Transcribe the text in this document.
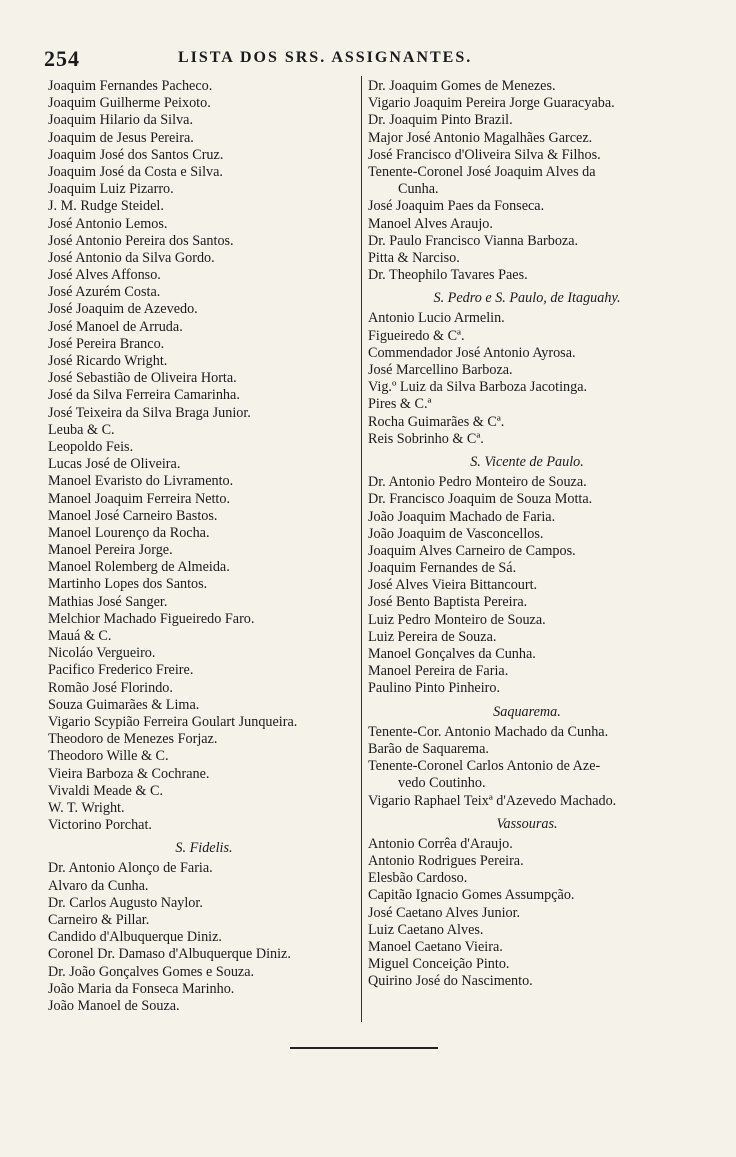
254	LISTA DOS SRS. ASSIGNANTES.
Joaquim Fernandes Pacheco.
Joaquim Guilherme Peixoto.
Joaquim Hilario da Silva.
Joaquim de Jesus Pereira.
Joaquim José dos Santos Cruz.
Joaquim José da Costa e Silva.
Joaquim Luiz Pizarro.
J. M. Rudge Steidel.
José Antonio Lemos.
José Antonio Pereira dos Santos.
José Antonio da Silva Gordo.
José Alves Affonso.
José Azurém Costa.
José Joaquim de Azevedo.
José Manoel de Arruda.
José Pereira Branco.
José Ricardo Wright.
José Sebastião de Oliveira Horta.
José da Silva Ferreira Camarinha.
José Teixeira da Silva Braga Junior.
Leuba & C.
Leopoldo Feis.
Lucas José de Oliveira.
Manoel Evaristo do Livramento.
Manoel Joaquim Ferreira Netto.
Manoel José Carneiro Bastos.
Manoel Lourenço da Rocha.
Manoel Pereira Jorge.
Manoel Rolemberg de Almeida.
Martinho Lopes dos Santos.
Mathias José Sanger.
Melchior Machado Figueiredo Faro.
Mauá & C.
Nicoláo Vergueiro.
Pacifico Frederico Freire.
Romão José Florindo.
Souza Guimarães & Lima.
Vigario Scypião Ferreira Goulart Junqueira.
Theodoro de Menezes Forjaz.
Theodoro Wille & C.
Vieira Barboza & Cochrane.
Vivaldi Meade & C.
W. T. Wright.
Victorino Porchat.
S. Fidelis.
Dr. Antonio Alonço de Faria.
Alvaro da Cunha.
Dr. Carlos Augusto Naylor.
Carneiro & Pillar.
Candido d'Albuquerque Diniz.
Coronel Dr. Damaso d'Albuquerque Diniz.
Dr. João Gonçalves Gomes e Souza.
João Maria da Fonseca Marinho.
João Manoel de Souza.
Dr. Joaquim Gomes de Menezes.
Vigario Joaquim Pereira Jorge Guaracyaba.
Dr. Joaquim Pinto Brazil.
Major José Antonio Magalhães Garcez.
José Francisco d'Oliveira Silva & Filhos.
Tenente-Coronel José Joaquim Alves da
Cunha.
José Joaquim Paes da Fonseca.
Manoel Alves Araujo.
Dr. Paulo Francisco Vianna Barboza.
Pitta & Narciso.
Dr. Theophilo Tavares Paes.
S. Pedro e S. Paulo, de Itaguahy.
Antonio Lucio Armelin.
Figueiredo & Cª.
Commendador José Antonio Ayrosa.
José Marcellino Barboza.
Vig.º Luiz da Silva Barboza Jacotinga.
Pires & C.ª
Rocha Guimarães & Cª.
Reis Sobrinho & Cª.
S. Vicente de Paulo.
Dr. Antonio Pedro Monteiro de Souza.
Dr. Francisco Joaquim de Souza Motta.
João Joaquim Machado de Faria.
João Joaquim de Vasconcellos.
Joaquim Alves Carneiro de Campos.
Joaquim Fernandes de Sá.
José Alves Vieira Bittancourt.
José Bento Baptista Pereira.
Luiz Pedro Monteiro de Souza.
Luiz Pereira de Souza.
Manoel Gonçalves da Cunha.
Manoel Pereira de Faria.
Paulino Pinto Pinheiro.
Saquarema.
Tenente-Cor. Antonio Machado da Cunha.
Barão de Saquarema.
Tenente-Coronel Carlos Antonio de Aze-
vedo Coutinho.
Vigario Raphael Teixª d'Azevedo Machado.
Vassouras.
Antonio Corrêa d'Araujo.
Antonio Rodrigues Pereira.
Elesbão Cardoso.
Capitão Ignacio Gomes Assumpção.
José Caetano Alves Junior.
Luiz Caetano Alves.
Manoel Caetano Vieira.
Miguel Conceição Pinto.
Quirino José do Nascimento.
